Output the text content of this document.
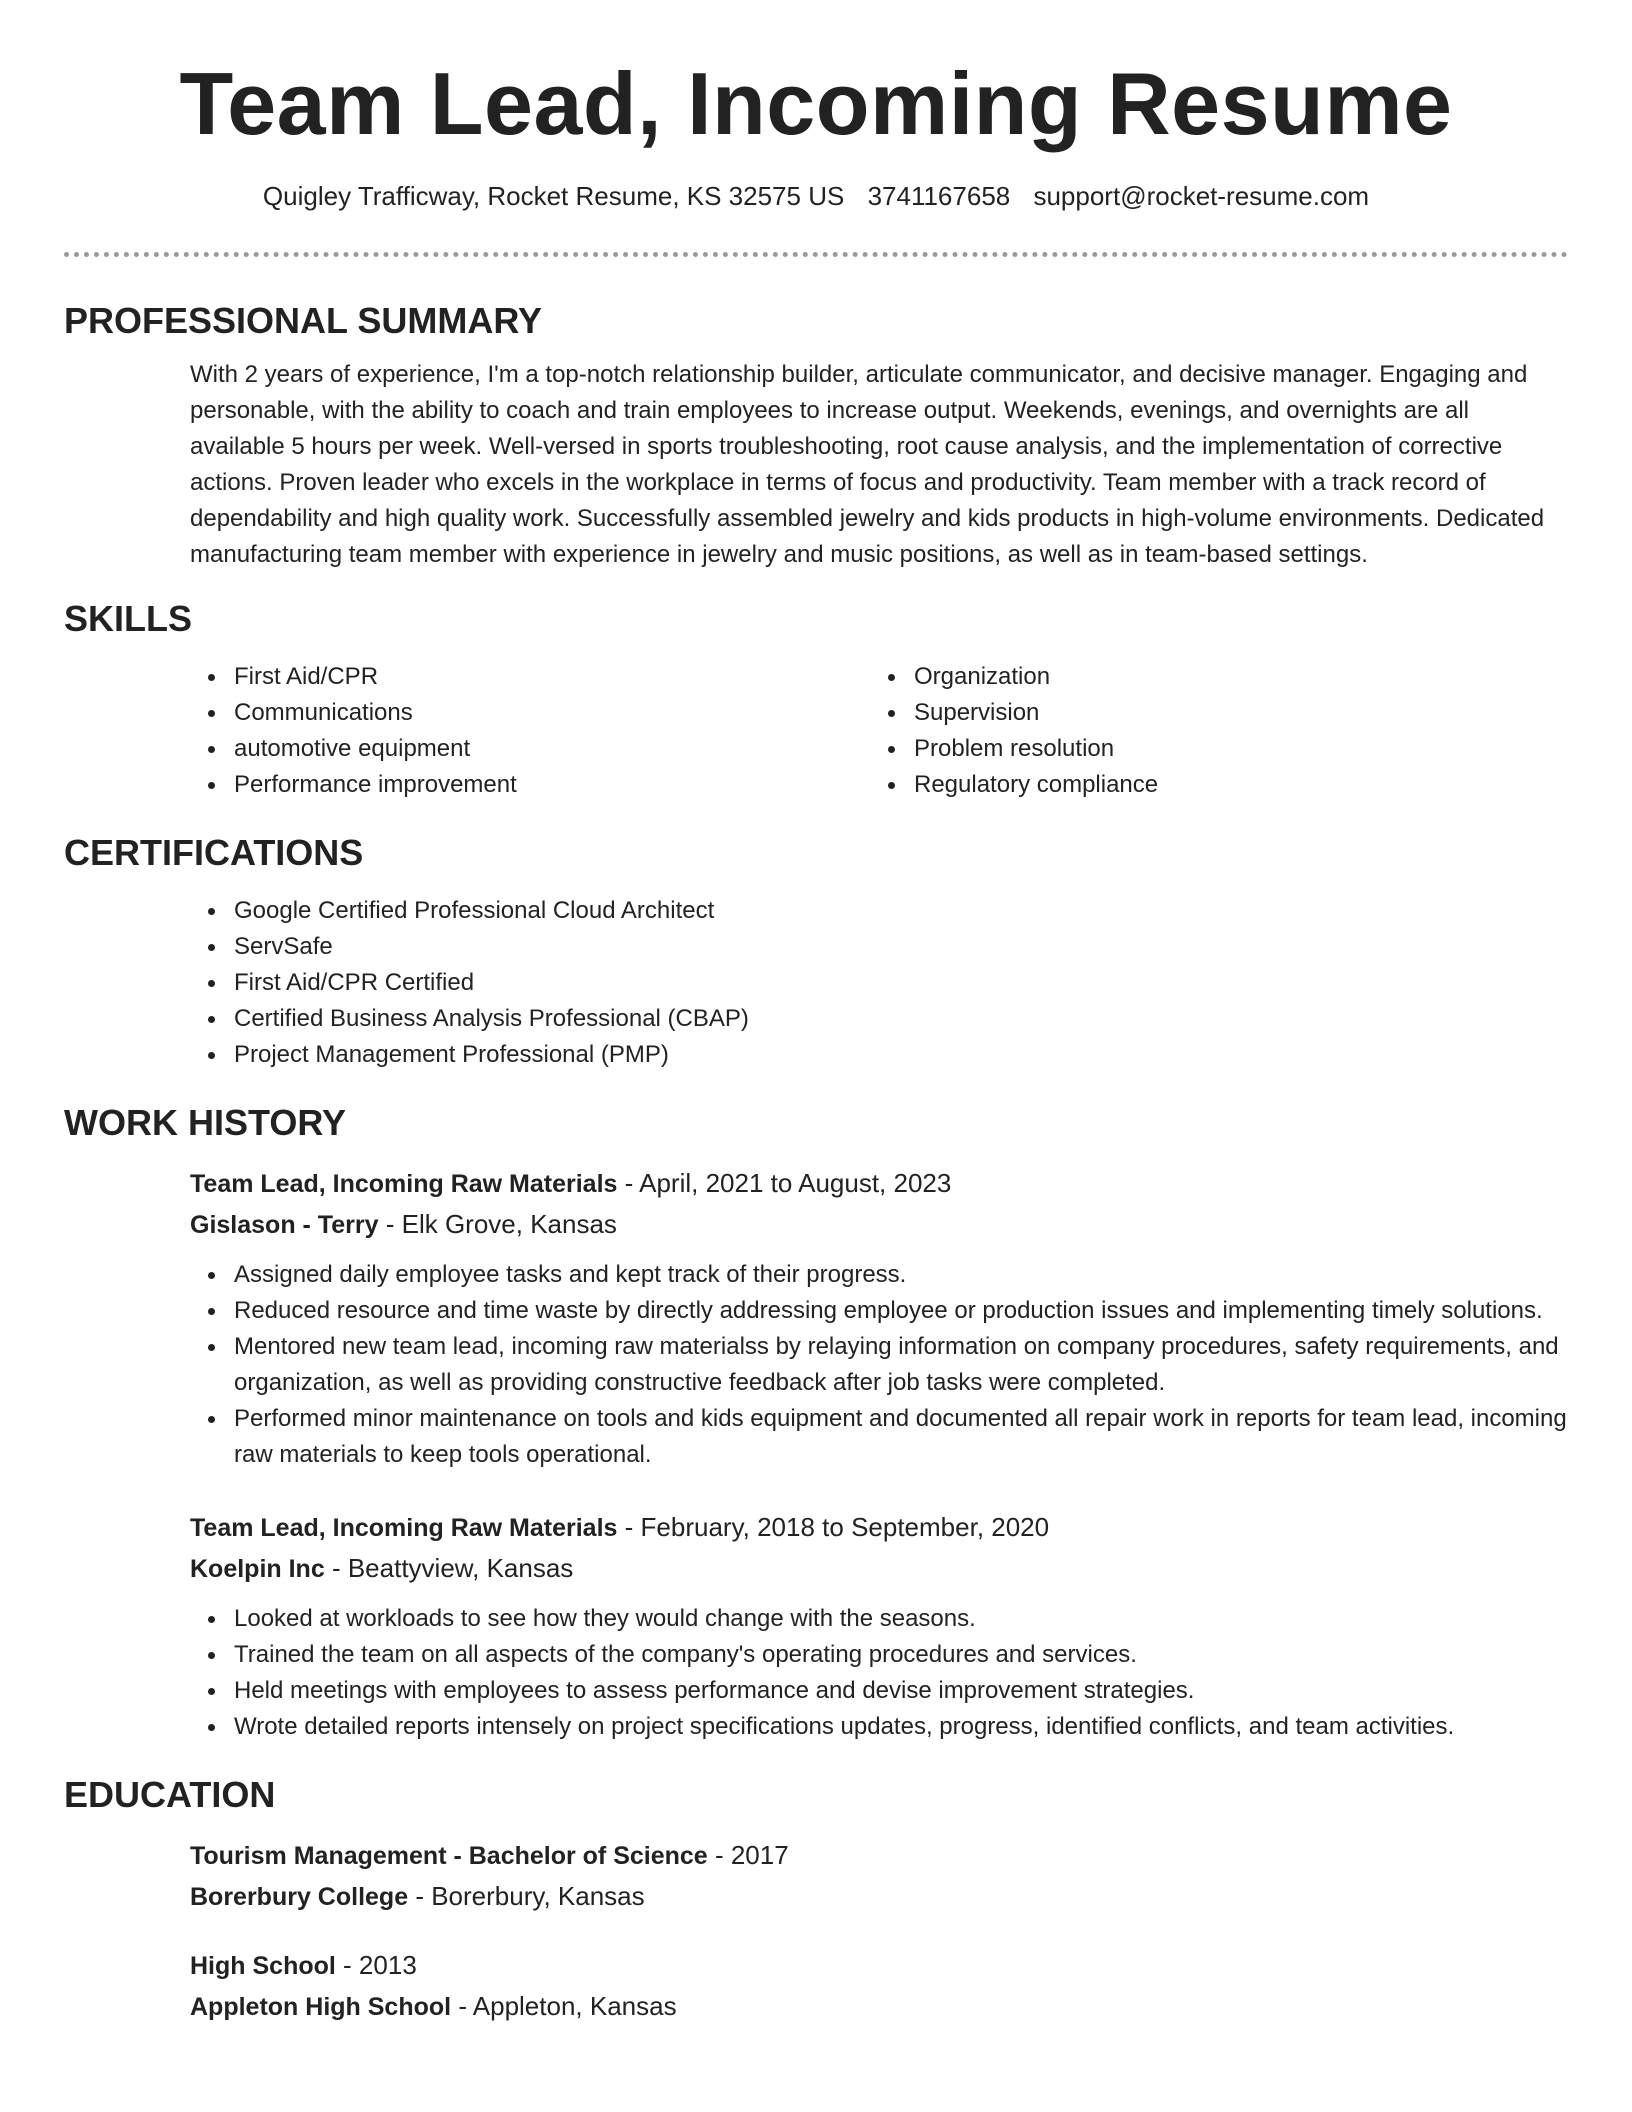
Team Lead, Incoming Resume
Quigley Trafficway, Rocket Resume, KS 32575 US 3741167658 support@rocket-resume.com
PROFESSIONAL SUMMARY

With 2 years of experience, I'm a top-notch relationship builder, articulate communicator, and decisive manager. Engaging and personable, with the ability to coach and train employees to increase output. Weekends, evenings, and overnights are all available 5 hours per week. Well-versed in sports troubleshooting, root cause analysis, and the implementation of corrective actions. Proven leader who excels in the workplace in terms of focus and productivity. Team member with a track record of dependability and high quality work. Successfully assembled jewelry and kids products in high-volume environments. Dedicated manufacturing team member with experience in jewelry and music positions, as well as in team-based settings.

SKILLS
First Aid/CPR
Communications
automotive equipment
Performance improvement
Organization
Supervision
Problem resolution
Regulatory compliance
CERTIFICATIONS
Google Certified Professional Cloud Architect
ServSafe
First Aid/CPR Certified
Certified Business Analysis Professional (CBAP)
Project Management Professional (PMP)
WORK HISTORY
Team Lead, Incoming Raw Materials - April, 2021 to August, 2023
Gislason - Terry - Elk Grove, Kansas
Assigned daily employee tasks and kept track of their progress.
Reduced resource and time waste by directly addressing employee or production issues and implementing timely solutions.
Mentored new team lead, incoming raw materialss by relaying information on company procedures, safety requirements, and organization, as well as providing constructive feedback after job tasks were completed.
Performed minor maintenance on tools and kids equipment and documented all repair work in reports for team lead, incoming raw materials to keep tools operational.
Team Lead, Incoming Raw Materials - February, 2018 to September, 2020
Koelpin Inc - Beattyview, Kansas
Looked at workloads to see how they would change with the seasons.
Trained the team on all aspects of the company's operating procedures and services.
Held meetings with employees to assess performance and devise improvement strategies.
Wrote detailed reports intensely on project specifications updates, progress, identified conflicts, and team activities.
EDUCATION
Tourism Management - Bachelor of Science - 2017
Borerbury College - Borerbury, Kansas
High School - 2013
Appleton High School - Appleton, Kansas
